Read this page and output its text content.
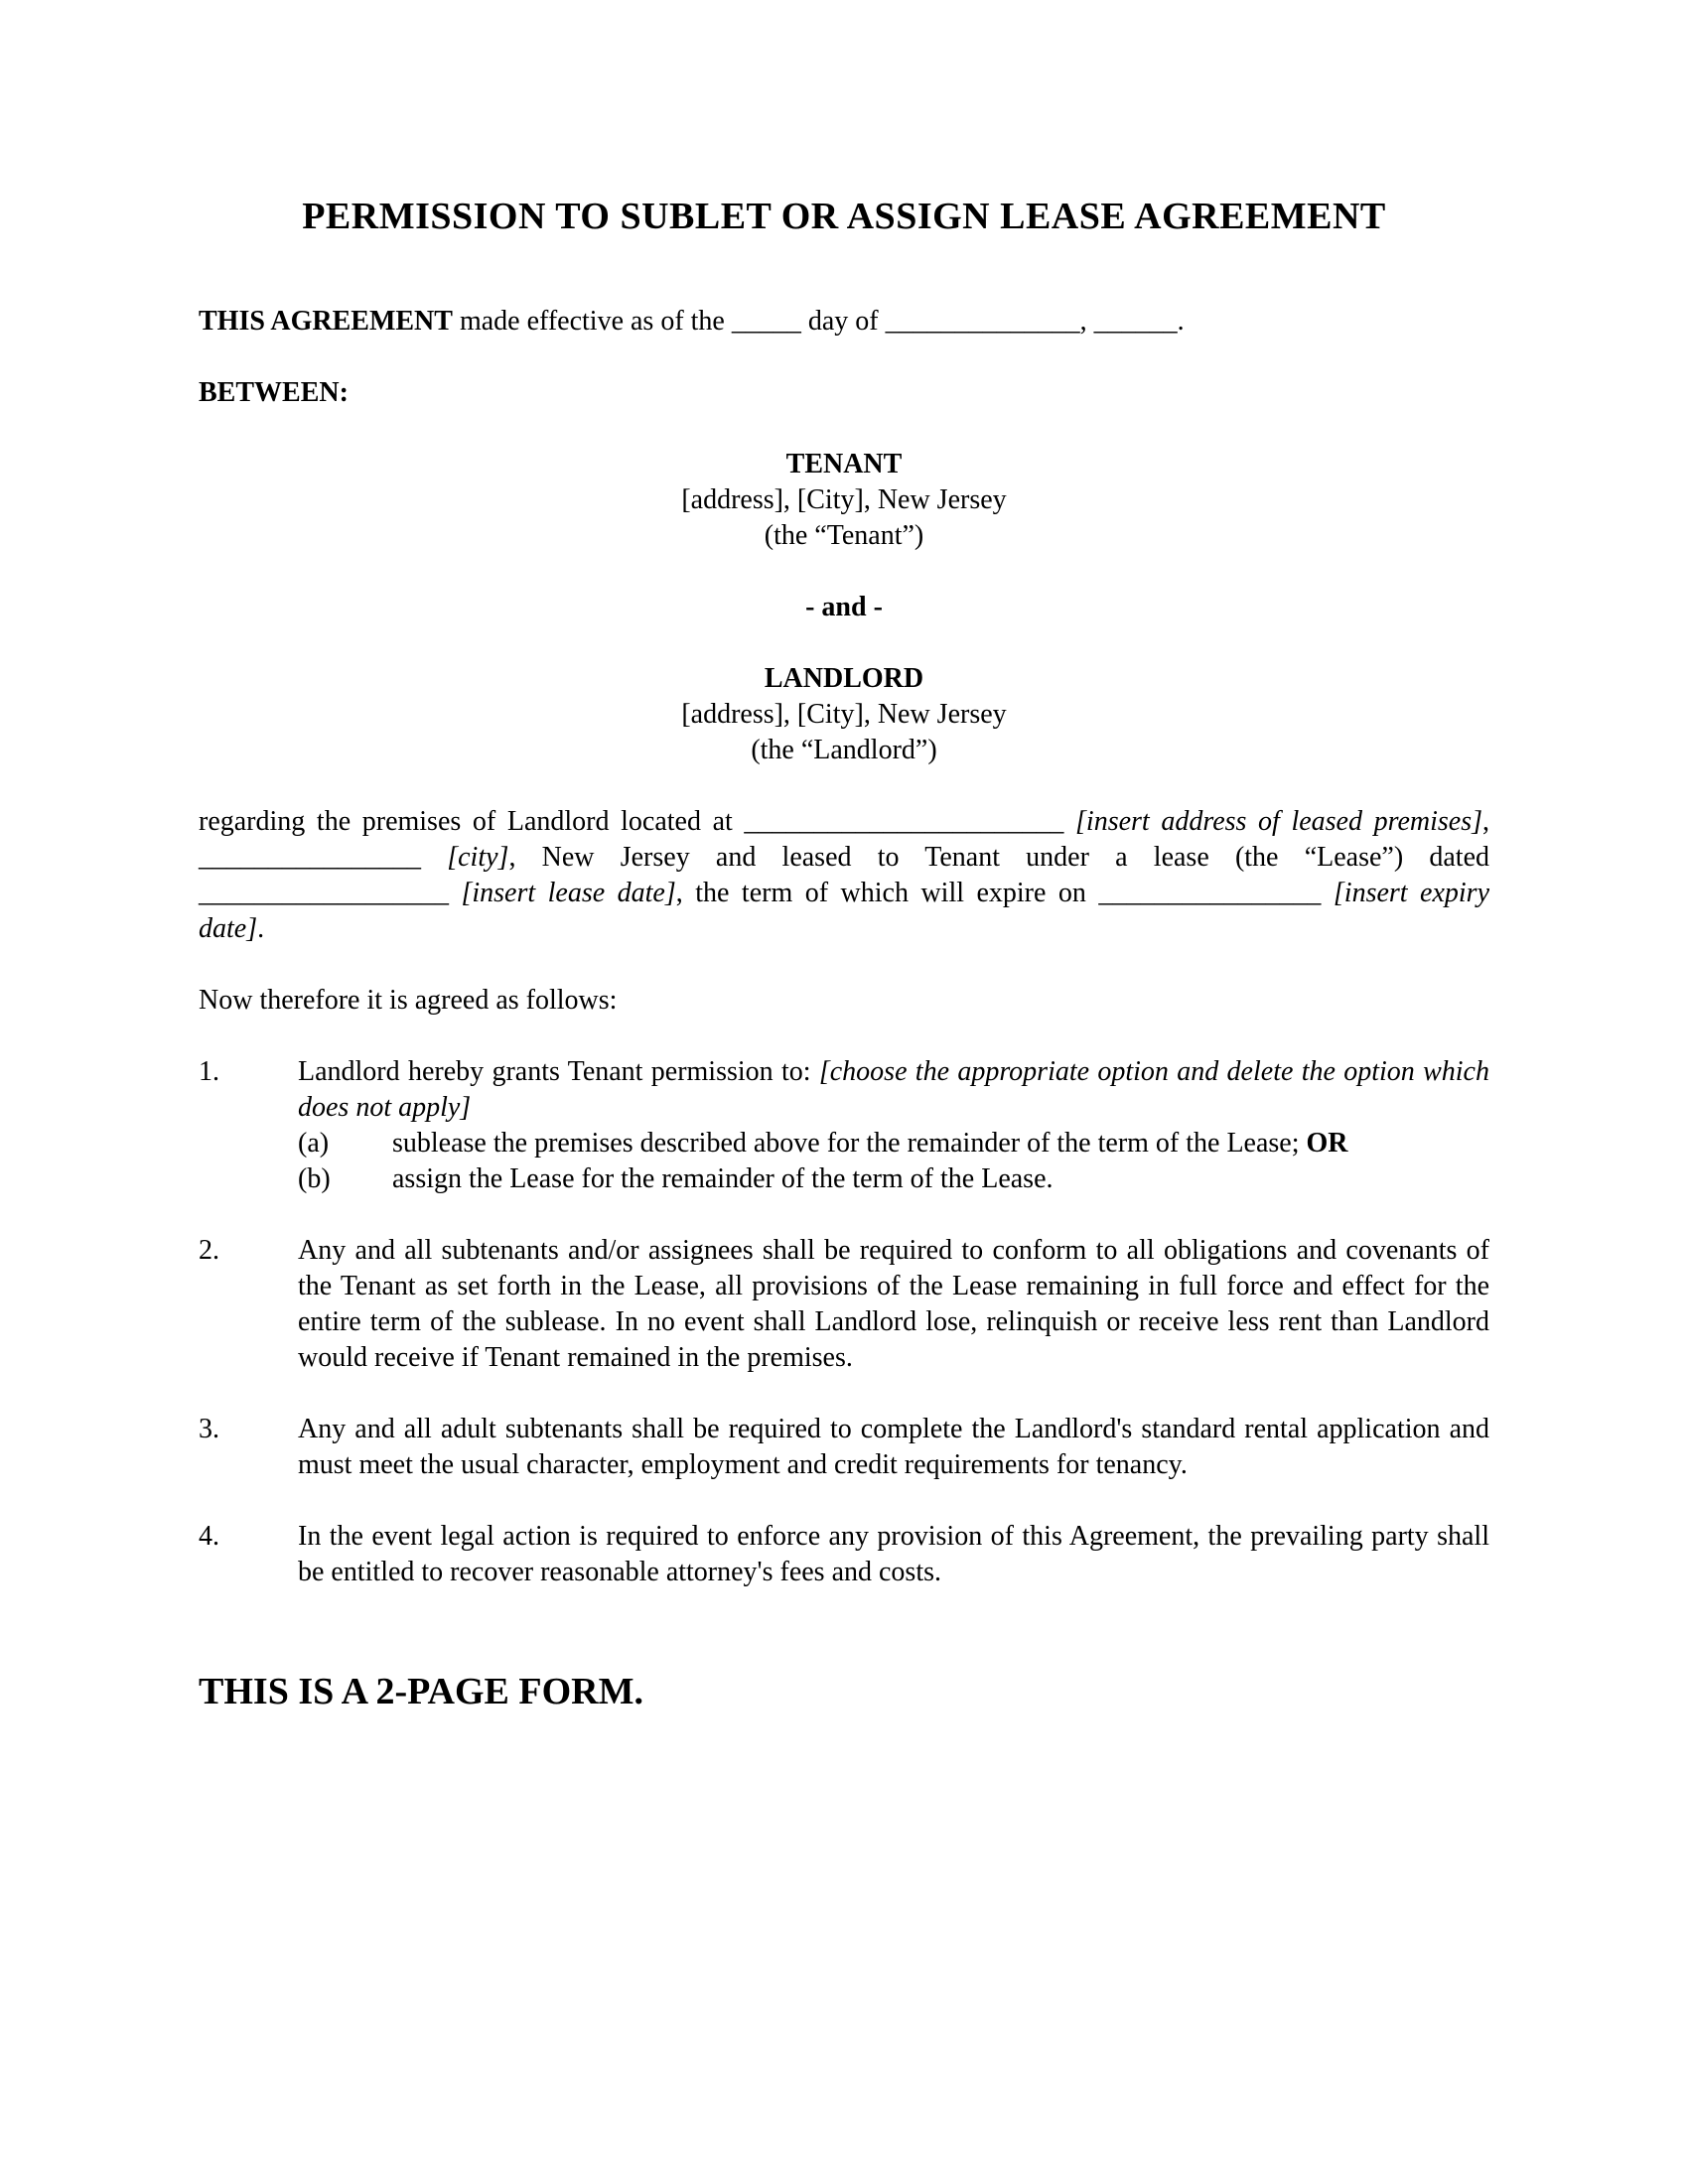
PERMISSION TO SUBLET OR ASSIGN LEASE AGREEMENT

THIS AGREEMENT made effective as of the _____ day of ______________, ______.

BETWEEN:

TENANT
[address], [City], New Jersey
(the “Tenant”)
- and -
LANDLORD
[address], [City], New Jersey
(the “Landlord”)

regarding the premises of Landlord located at _______________________ [insert address of leased premises], ________________ [city], New Jersey and leased to Tenant under a lease (the “Lease”) dated __________________ [insert lease date], the term of which will expire on ________________ [insert expiry date].

Now therefore it is agreed as follows:

1.	Landlord hereby grants Tenant permission to: [choose the appropriate option and delete the option which does not apply]

(a)	sublease the premises described above for the remainder of the term of the Lease; OR

(b)	assign the Lease for the remainder of the term of the Lease.

2.	Any and all subtenants and/or assignees shall be required to conform to all obligations and covenants of the Tenant as set forth in the Lease, all provisions of the Lease remaining in full force and effect for the entire term of the sublease. In no event shall Landlord lose, relinquish or receive less rent than Landlord would receive if Tenant remained in the premises.

3.	Any and all adult subtenants shall be required to complete the Landlord's standard rental application and must meet the usual character, employment and credit requirements for tenancy.

4.	In the event legal action is required to enforce any provision of this Agreement, the prevailing party shall be entitled to recover reasonable attorney's fees and costs.

THIS IS A 2-PAGE FORM.
